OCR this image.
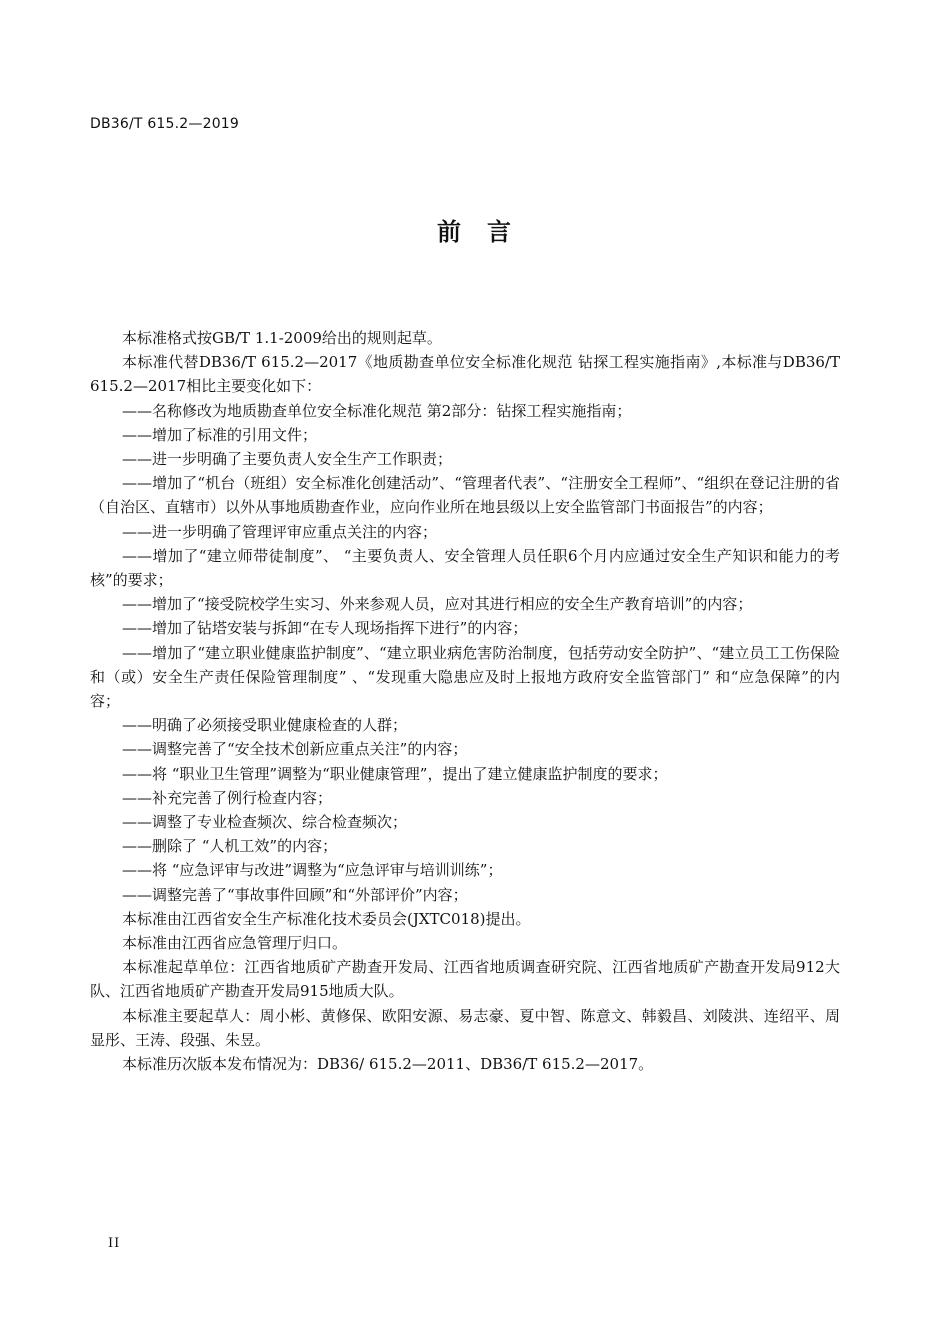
DB36/T 615.2—2019
前 言

本标准格式按GB/T 1.1-2009给出的规则起草。

本标准代替DB36/T 615.2—2017《地质勘查单位安全标准化规范 钻探工程实施指南》,本标准与DB36/T 615.2—2017相比主要变化如下：

——名称修改为地质勘查单位安全标准化规范 第2部分：钻探工程实施指南；

——增加了标准的引用文件；

——进一步明确了主要负责人安全生产工作职责；

——增加了“机台（班组）安全标准化创建活动”、“管理者代表”、“注册安全工程师”、“组织在登记注册的省（自治区、直辖市）以外从事地质勘查作业，应向作业所在地县级以上安全监管部门书面报告”的内容；

——进一步明确了管理评审应重点关注的内容；

——增加了“建立师带徒制度”、 “主要负责人、安全管理人员任职6个月内应通过安全生产知识和能力的考核”的要求；

——增加了“接受院校学生实习、外来参观人员，应对其进行相应的安全生产教育培训”的内容；

——增加了钻塔安装与拆卸“在专人现场指挥下进行”的内容；

——增加了“建立职业健康监护制度”、“建立职业病危害防治制度，包括劳动安全防护”、“建立员工工伤保险和（或）安全生产责任保险管理制度” 、“发现重大隐患应及时上报地方政府安全监管部门” 和“应急保障”的内容；

——明确了必须接受职业健康检查的人群；

——调整完善了“安全技术创新应重点关注”的内容；

——将 “职业卫生管理”调整为“职业健康管理”，提出了建立健康监护制度的要求；

——补充完善了例行检查内容；

——调整了专业检查频次、综合检查频次；

——删除了 “人机工效”的内容；

——将 “应急评审与改进”调整为“应急评审与培训训练”；

——调整完善了“事故事件回顾”和“外部评价”内容；

本标准由江西省安全生产标准化技术委员会(JXTC018)提出。

本标准由江西省应急管理厅归口。

本标准起草单位：江西省地质矿产勘查开发局、江西省地质调查研究院、江西省地质矿产勘查开发局912大队、江西省地质矿产勘查开发局915地质大队。

本标准主要起草人：周小彬、黄修保、欧阳安源、易志豪、夏中智、陈意文、韩毅昌、刘陵洪、连绍平、周显彤、王涛、段强、朱昱。

本标准历次版本发布情况为：DB36/ 615.2—2011、DB36/T 615.2—2017。

II
